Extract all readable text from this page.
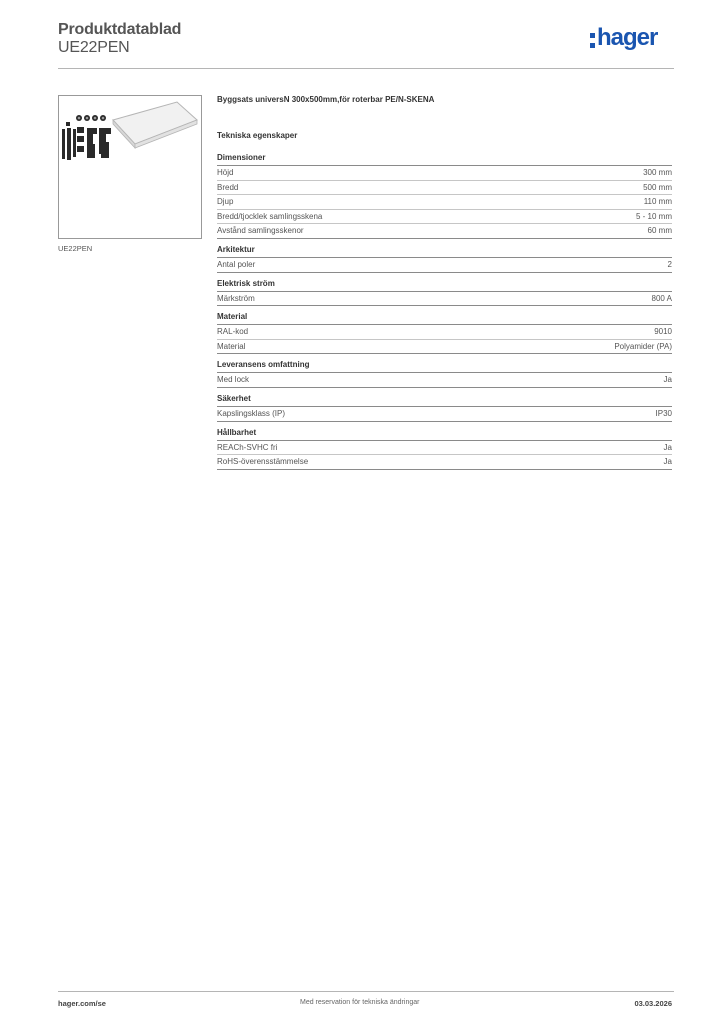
Produktdatablad
UE22PEN	hager
UE22PEN
Byggsats universN 300x500mm,för roterbar PE/N-SKENA
Tekniska egenskaper
Dimensioner
Höjd	300 mm
Bredd	500 mm
Djup	110 mm
Bredd/tjocklek samlingsskena	5 - 10 mm
Avstånd samlingsskenor	60 mm
Arkitektur
Antal poler	2
Elektrisk ström
Märkström	800 A
Material
RAL-kod	9010
Material	Polyamider (PA)
Leveransens omfattning
Med lock	Ja
Säkerhet
Kapslingsklass (IP)	IP30
Hållbarhet
REACh-SVHC fri	Ja
RoHS-överensstämmelse	Ja
hager.com/se	Med reservation för tekniska ändringar	03.03.2026
